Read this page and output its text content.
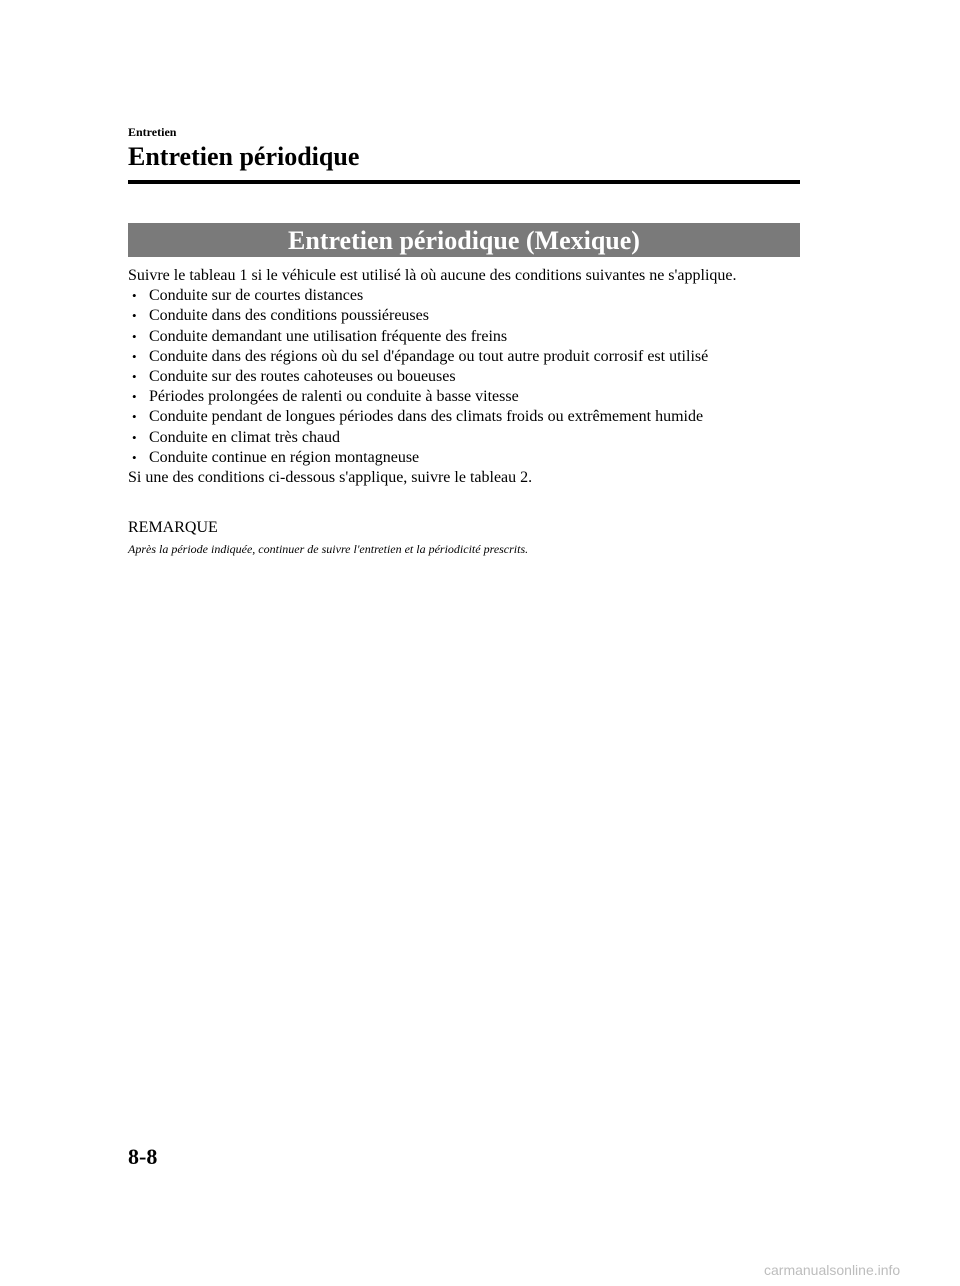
Entretien
Entretien périodique
Entretien périodique (Mexique)

Suivre le tableau 1 si le véhicule est utilisé là où aucune des conditions suivantes ne s'applique.

• Conduite sur de courtes distances
• Conduite dans des conditions poussiéreuses
• Conduite demandant une utilisation fréquente des freins
• Conduite dans des régions où du sel d'épandage ou tout autre produit corrosif est utilisé
• Conduite sur des routes cahoteuses ou boueuses
• Périodes prolongées de ralenti ou conduite à basse vitesse
• Conduite pendant de longues périodes dans des climats froids ou extrêmement humide
• Conduite en climat très chaud
• Conduite continue en région montagneuse

Si une des conditions ci-dessous s'applique, suivre le tableau 2.

REMARQUE
Après la période indiquée, continuer de suivre l'entretien et la périodicité prescrits.
8-8
carmanualsonline.info
